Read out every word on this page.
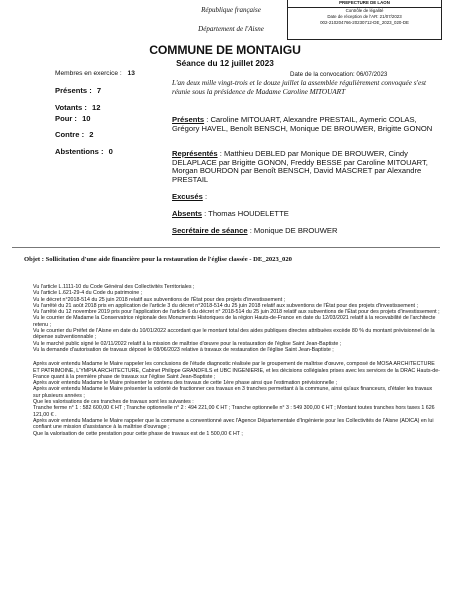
PREFECTURE DE LAON
Contrôle de légalité
Date de réception de l'AR: 21/07/2023
002-210204766-20230712-DE_2023_020-DE
République française
Département de l'Aisne
COMMUNE DE MONTAIGU
Séance du 12 juillet 2023
Date de la convocation: 06/07/2023
Membres en exercice : 13
Présents : 7
Votants : 12
Pour : 10
Contre : 2
Abstentions : 0
L'an deux mille vingt-trois et le douze juillet la assemblée régulièrement convoquée s'est réunie sous la présidence de Madame Caroline MITOUART
Présents : Caroline MITOUART, Alexandre PRESTAIL, Aymeric COLAS, Grégory HAVEL, Benoît BENSCH, Monique DE BROUWER, Brigitte GONON
Représentés : Matthieu DEBLED par Monique DE BROUWER, Cindy DELAPLACE par Brigitte GONON, Freddy BESSE par Caroline MITOUART, Morgan BOURDON par Benoît BENSCH, David MASCRET par Alexandre PRESTAIL
Excusés :
Absents : Thomas HOUDELETTE
Secrétaire de séance : Monique DE BROUWER
Objet : Sollicitation d'une aide financière pour la restauration de l'église classée - DE_2023_020

Vu l'article L.1111-10 du Code Général des Collectivités Territoriales ;

Vu l'article L.621-29-4 du Code du patrimoine ;

Vu le décret n°2018-514 du 25 juin 2018 relatif aux subventions de l'État pour des projets d'investissement ;

Vu l'arrêté du 21 août 2018 pris en application de l'article 3 du décret n°2018-514 du 25 juin 2018 relatif aux subventions de l'État pour des projets d'investissement ;

Vu l'arrêté du 12 novembre 2019 pris pour l'application de l'article 6 du décret n° 2018-514 du 25 juin 2018 relatif aux subventions de l'État pour des projets d'investissement ;

Vu le courrier de Madame la Conservatrice régionale des Monuments Historiques de la région Hauts-de-France en date du 12/03/2021 relatif à la recevabilité de l'architecte retenu ;

Vu le courrier du Préfet de l'Aisne en date du 10/01/2022 accordant que le montant total des aides publiques directes attribuées excède 80 % du montant prévisionnel de la dépense subventionnable ;

Vu le marché public signé le 02/11/2022 relatif à la mission de maîtrise d'œuvre pour la restauration de l'église Saint Jean-Baptiste ;

Vu la demande d'autorisation de travaux déposé le 08/06/2023 relative à travaux de restauration de l'église Saint Jean-Baptiste ;

Après avoir entendu Madame le Maire rappeler les conclusions de l'étude diagnostic réalisée par le groupement de maîtrise d'œuvre, composé de MOSA ARCHITECTURE ET PATRIMOINE, L'YMPIA ARCHITECTURE, Cabinet Philippe GRANDFILS et UBC INGENIERIE, et les décisions collégiales prises avec les services de la DRAC Hauts-de-France quant à la première phase de travaux sur l'église Saint Jean-Baptiste ;

Après avoir entendu Madame le Maire présenter le contenu des travaux de cette 1ère phase ainsi que l'estimation prévisionnelle ;

Après avoir entendu Madame le Maire présenter la volonté de fractionner ces travaux en 3 tranches permettant à la commune, ainsi qu'aux financeurs, d'étaler les travaux sur plusieurs années ;

Que les valorisations de ces tranches de travaux sont les suivantes :

Tranche ferme n° 1 : 582 600,00 € HT ; Tranche optionnelle n° 2 : 494 221,00 € HT ; Tranche optionnelle n° 3 : 549 300,00 € HT ; Montant toutes tranches hors taxes 1 626 121,00 € .

Après avoir entendu Madame le Maire rappeler que la commune a conventionné avec l'Agence Départementale d'Ingénierie pour les Collectivités de l'Aisne (ADICA) en lui confiant une mission d'assistance à la maîtrise d'ouvrage ;

Que la valorisation de cette prestation pour cette phase de travaux est de 1 500,00 € HT ;
